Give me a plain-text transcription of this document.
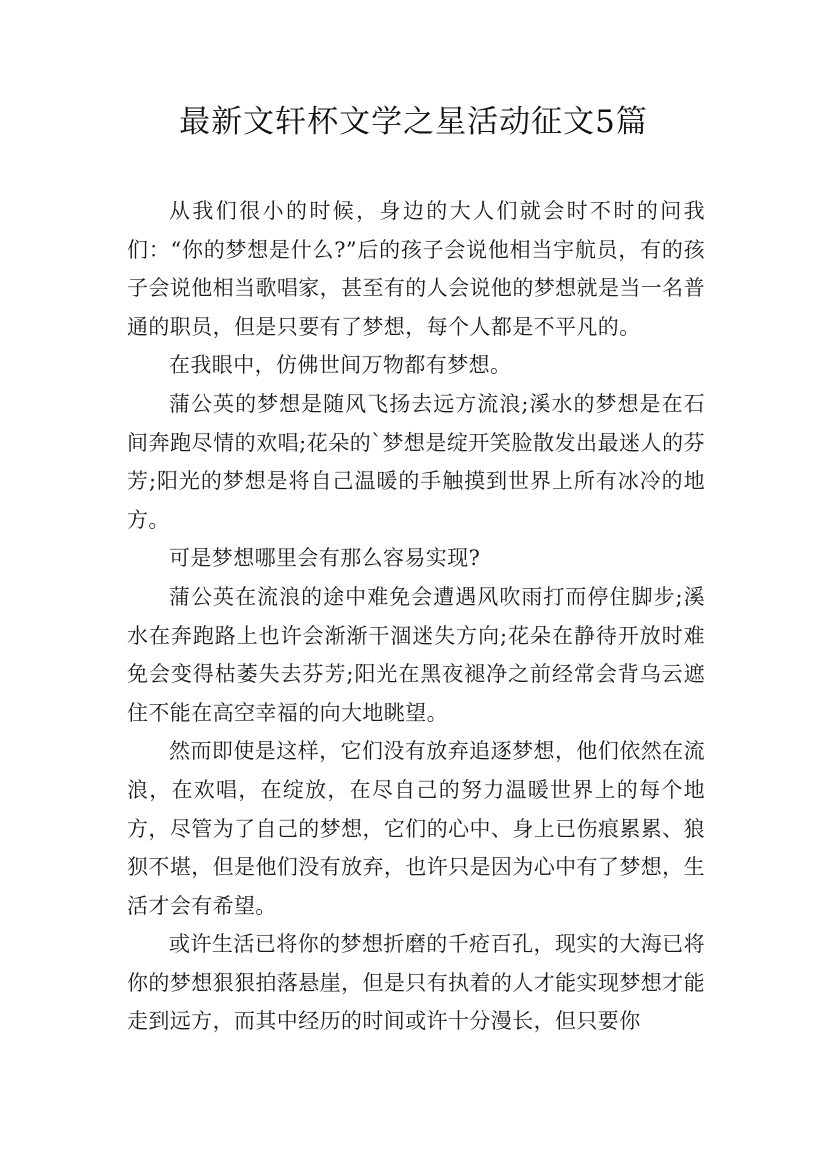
最新文轩杯文学之星活动征文5篇

从我们很小的时候，身边的大人们就会时不时的问我们：“你的梦想是什么?”后的孩子会说他相当宇航员，有的孩子会说他相当歌唱家，甚至有的人会说他的梦想就是当一名普通的职员，但是只要有了梦想，每个人都是不平凡的。

在我眼中，仿佛世间万物都有梦想。

蒲公英的梦想是随风飞扬去远方流浪;溪水的梦想是在石间奔跑尽情的欢唱;花朵的`梦想是绽开笑脸散发出最迷人的芬芳;阳光的梦想是将自己温暖的手触摸到世界上所有冰冷的地方。

可是梦想哪里会有那么容易实现?

蒲公英在流浪的途中难免会遭遇风吹雨打而停住脚步;溪水在奔跑路上也许会渐渐干涸迷失方向;花朵在静待开放时难免会变得枯萎失去芬芳;阳光在黑夜褪净之前经常会背乌云遮住不能在高空幸福的向大地眺望。

然而即使是这样，它们没有放弃追逐梦想，他们依然在流浪，在欢唱，在绽放，在尽自己的努力温暖世界上的每个地方，尽管为了自己的梦想，它们的心中、身上已伤痕累累、狼狈不堪，但是他们没有放弃，也许只是因为心中有了梦想，生活才会有希望。

或许生活已将你的梦想折磨的千疮百孔，现实的大海已将你的梦想狠狠拍落悬崖，但是只有执着的人才能实现梦想才能走到远方，而其中经历的时间或许十分漫长，但只要你
